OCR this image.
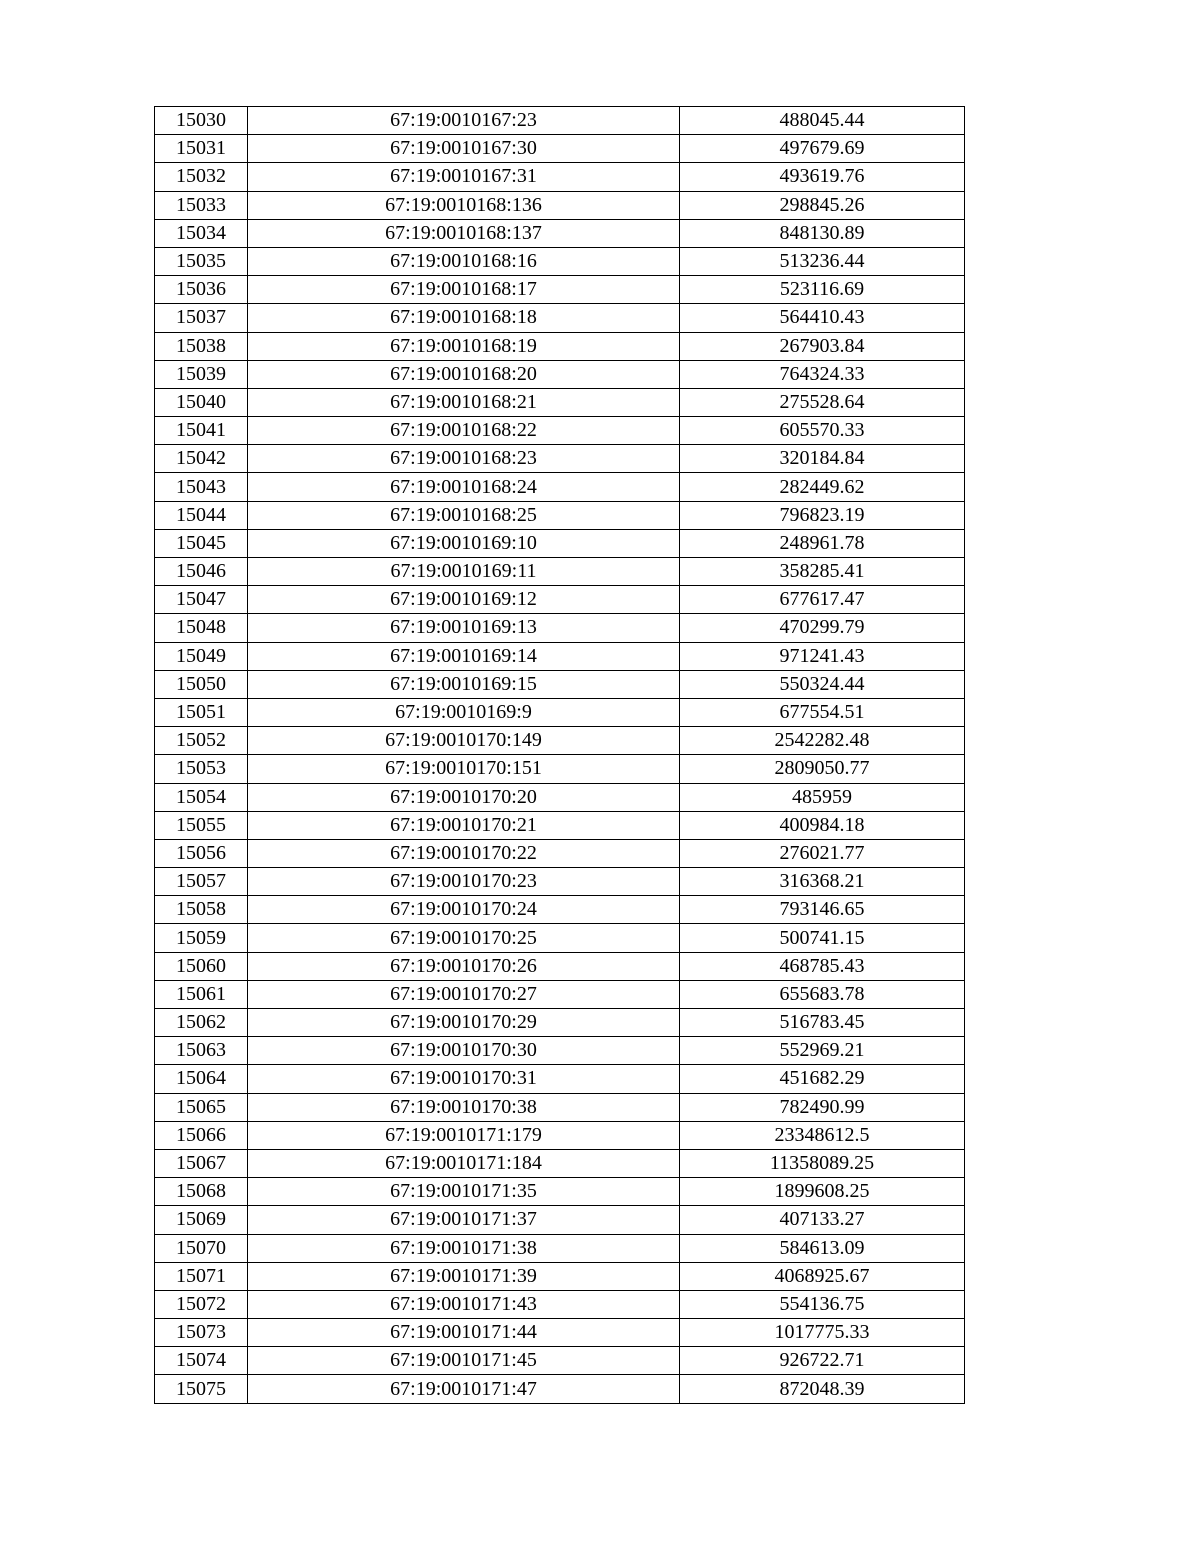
15030	67:19:0010167:23	488045.44
15031	67:19:0010167:30	497679.69
15032	67:19:0010167:31	493619.76
15033	67:19:0010168:136	298845.26
15034	67:19:0010168:137	848130.89
15035	67:19:0010168:16	513236.44
15036	67:19:0010168:17	523116.69
15037	67:19:0010168:18	564410.43
15038	67:19:0010168:19	267903.84
15039	67:19:0010168:20	764324.33
15040	67:19:0010168:21	275528.64
15041	67:19:0010168:22	605570.33
15042	67:19:0010168:23	320184.84
15043	67:19:0010168:24	282449.62
15044	67:19:0010168:25	796823.19
15045	67:19:0010169:10	248961.78
15046	67:19:0010169:11	358285.41
15047	67:19:0010169:12	677617.47
15048	67:19:0010169:13	470299.79
15049	67:19:0010169:14	971241.43
15050	67:19:0010169:15	550324.44
15051	67:19:0010169:9	677554.51
15052	67:19:0010170:149	2542282.48
15053	67:19:0010170:151	2809050.77
15054	67:19:0010170:20	485959
15055	67:19:0010170:21	400984.18
15056	67:19:0010170:22	276021.77
15057	67:19:0010170:23	316368.21
15058	67:19:0010170:24	793146.65
15059	67:19:0010170:25	500741.15
15060	67:19:0010170:26	468785.43
15061	67:19:0010170:27	655683.78
15062	67:19:0010170:29	516783.45
15063	67:19:0010170:30	552969.21
15064	67:19:0010170:31	451682.29
15065	67:19:0010170:38	782490.99
15066	67:19:0010171:179	23348612.5
15067	67:19:0010171:184	11358089.25
15068	67:19:0010171:35	1899608.25
15069	67:19:0010171:37	407133.27
15070	67:19:0010171:38	584613.09
15071	67:19:0010171:39	4068925.67
15072	67:19:0010171:43	554136.75
15073	67:19:0010171:44	1017775.33
15074	67:19:0010171:45	926722.71
15075	67:19:0010171:47	872048.39
